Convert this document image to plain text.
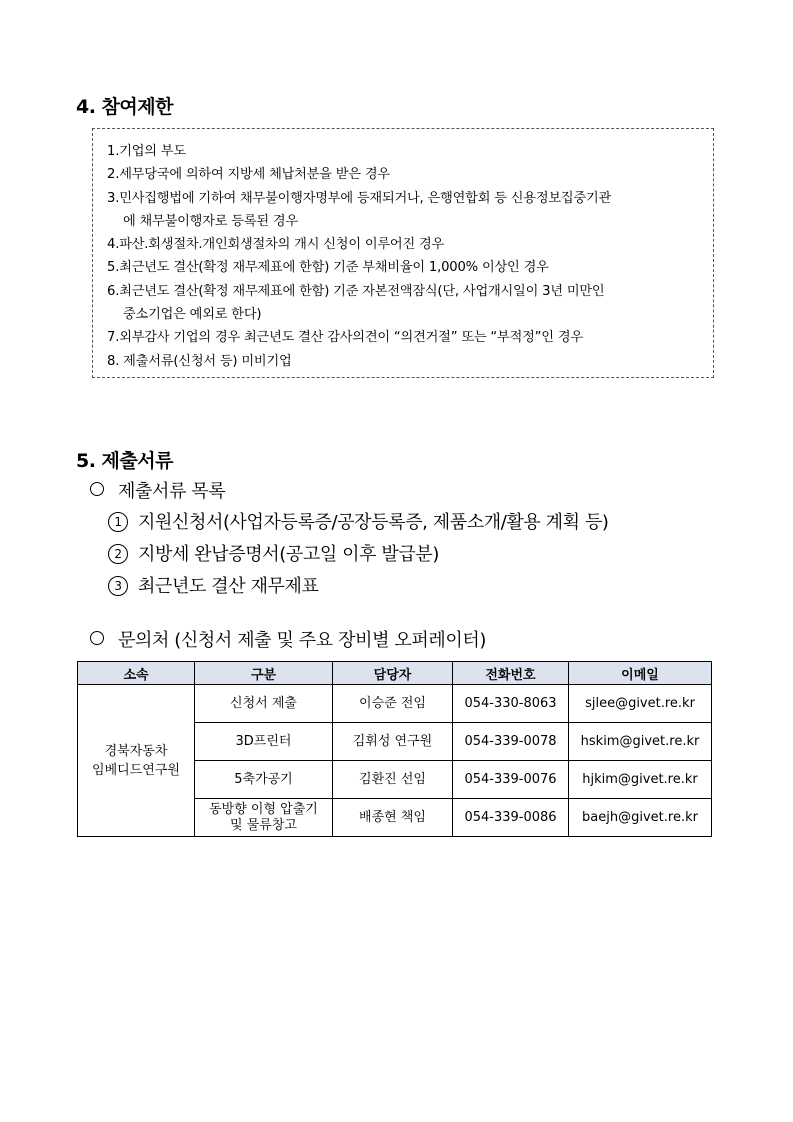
4. 참여제한
1.기업의 부도
2.세무당국에 의하여 지방세 체납처분을 받은 경우
3.민사집행법에 기하여 채무불이행자명부에 등재되거나, 은행연합회 등 신용정보집중기관
에 채무불이행자로 등록된 경우
4.파산.회생절차.개인회생절차의 개시 신청이 이루어진 경우
5.최근년도 결산(확정 재무제표에 한함) 기준 부채비율이 1,000% 이상인 경우
6.최근년도 결산(확정 재무제표에 한함) 기준 자본전액잠식(단, 사업개시일이 3년 미만인
중소기업은 예외로 한다)
7.외부감사 기업의 경우 최근년도 결산 감사의견이 “의견거절” 또는 “부적정”인 경우
8. 제출서류(신청서 등) 미비기업
5. 제출서류
제출서류 목록
1 지원신청서(사업자등록증/공장등록증, 제품소개/활용 계획 등)
2 지방세 완납증명서(공고일 이후 발급분)
3 최근년도 결산 재무제표
문의처 (신청서 제출 및 주요 장비별 오퍼레이터)
소속	구분	담당자	전화번호	이메일
경북자동차
임베디드연구원	신청서 제출	이승준 전임	054-330-8063	sjlee@givet.re.kr
	3D프린터	김휘성 연구원	054-339-0078	hskim@givet.re.kr
	5축가공기	김환진 선임	054-339-0076	hjkim@givet.re.kr
	동방향 이형 압출기
및 물류창고	배종현 책임	054-339-0086	baejh@givet.re.kr
